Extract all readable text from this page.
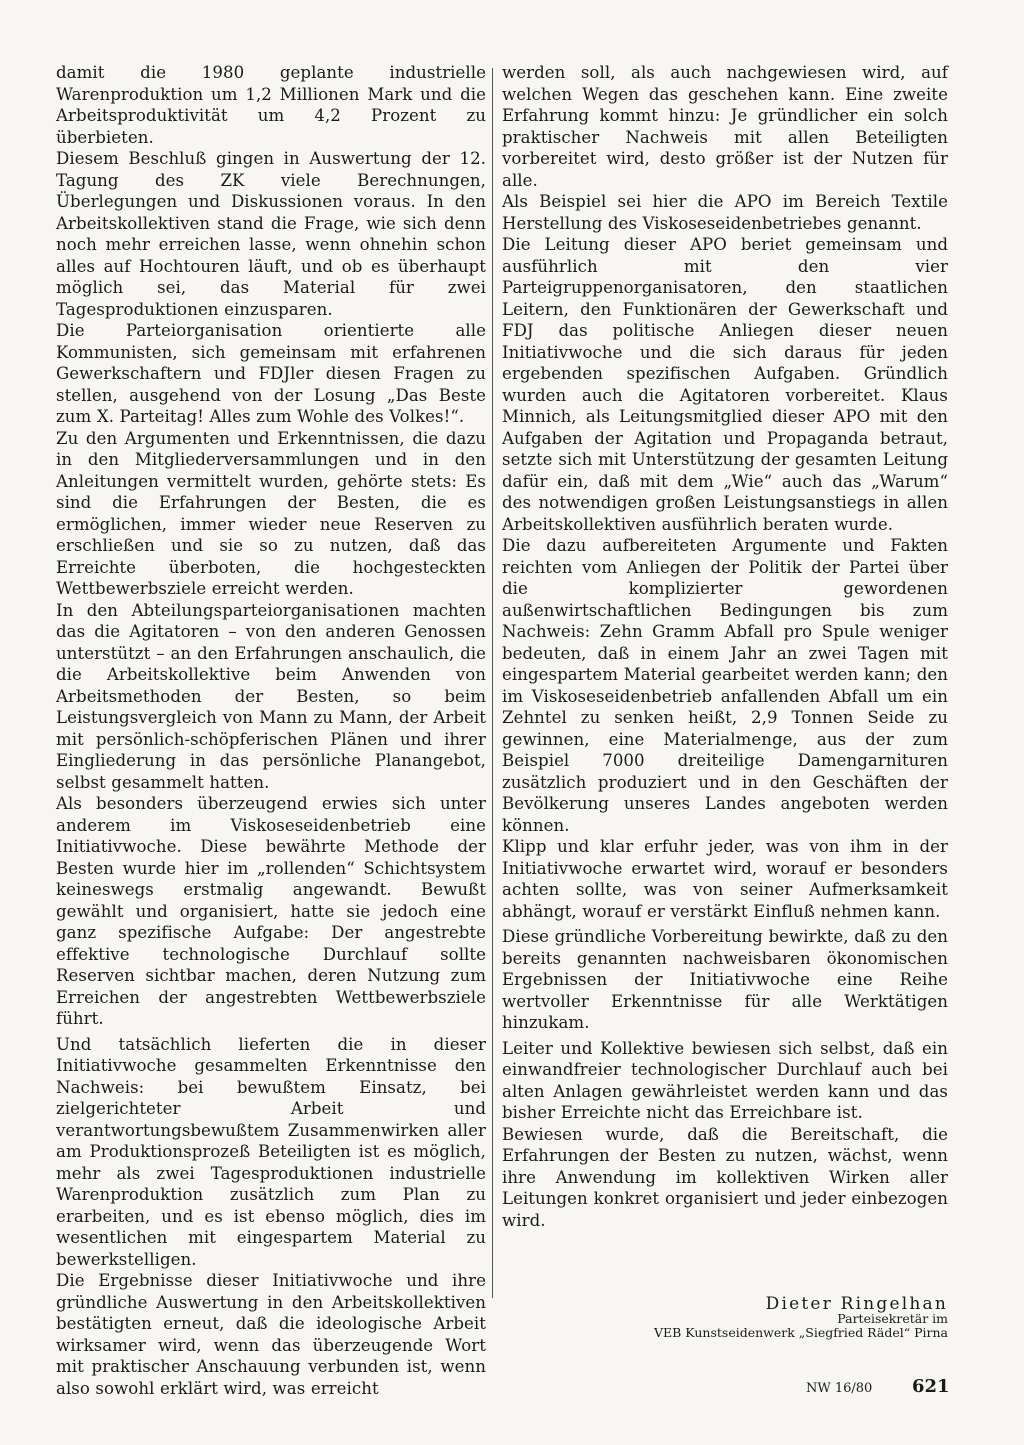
damit die 1980 geplante industrielle Warenproduktion um 1,2 Millionen Mark und die Arbeitsproduktivität um 4,2 Prozent zu überbieten.

Diesem Beschluß gingen in Auswertung der 12. Tagung des ZK viele Berechnungen, Überlegungen und Diskussionen voraus. In den Arbeitskollektiven stand die Frage, wie sich denn noch mehr erreichen lasse, wenn ohnehin schon alles auf Hochtouren läuft, und ob es überhaupt möglich sei, das Material für zwei Tagesproduktionen einzusparen.

Die Parteiorganisation orientierte alle Kommunisten, sich gemeinsam mit erfahrenen Gewerkschaftern und FDJler diesen Fragen zu stellen, ausgehend von der Losung „Das Beste zum X. Parteitag! Alles zum Wohle des Volkes!“.

Zu den Argumenten und Erkenntnissen, die dazu in den Mitgliederversammlungen und in den Anleitungen vermittelt wurden, gehörte stets: Es sind die Erfahrungen der Besten, die es ermöglichen, immer wieder neue Reserven zu erschließen und sie so zu nutzen, daß das Erreichte überboten, die hochgesteckten Wettbewerbsziele erreicht werden.

In den Abteilungsparteiorganisationen machten das die Agitatoren – von den anderen Genossen unterstützt – an den Erfahrungen anschaulich, die die Arbeitskollektive beim Anwenden von Arbeitsmethoden der Besten, so beim Leistungsvergleich von Mann zu Mann, der Arbeit mit persönlich-schöpferischen Plänen und ihrer Eingliederung in das persönliche Planangebot, selbst gesammelt hatten.

Als besonders überzeugend erwies sich unter anderem im Viskoseseidenbetrieb eine Initiativwoche. Diese bewährte Methode der Besten wurde hier im „rollenden“ Schichtsystem keineswegs erstmalig angewandt. Bewußt gewählt und organisiert, hatte sie jedoch eine ganz spezifische Aufgabe: Der angestrebte effektive technologische Durchlauf sollte Reserven sichtbar machen, deren Nutzung zum Erreichen der angestrebten Wettbewerbsziele führt.

Und tatsächlich lieferten die in dieser Initiativwoche gesammelten Erkenntnisse den Nachweis: bei bewußtem Einsatz, bei zielgerichteter Arbeit und verantwortungsbewußtem Zusammenwirken aller am Produktionsprozeß Beteiligten ist es möglich, mehr als zwei Tagesproduktionen industrielle Warenproduktion zusätzlich zum Plan zu erarbeiten, und es ist ebenso möglich, dies im wesentlichen mit eingespartem Material zu bewerkstelligen.

Die Ergebnisse dieser Initiativwoche und ihre gründliche Auswertung in den Arbeitskollektiven bestätigten erneut, daß die ideologische Arbeit wirksamer wird, wenn das überzeugende Wort mit praktischer Anschauung verbunden ist, wenn also sowohl erklärt wird, was erreicht

werden soll, als auch nachgewiesen wird, auf welchen Wegen das geschehen kann. Eine zweite Erfahrung kommt hinzu: Je gründlicher ein solch praktischer Nachweis mit allen Beteiligten vorbereitet wird, desto größer ist der Nutzen für alle.

Als Beispiel sei hier die APO im Bereich Textile Herstellung des Viskoseseidenbetriebes genannt.

Die Leitung dieser APO beriet gemeinsam und ausführlich mit den vier Parteigruppenorganisatoren, den staatlichen Leitern, den Funktionären der Gewerkschaft und FDJ das politische Anliegen dieser neuen Initiativwoche und die sich daraus für jeden ergebenden spezifischen Aufgaben. Gründlich wurden auch die Agitatoren vorbereitet. Klaus Minnich, als Leitungsmitglied dieser APO mit den Aufgaben der Agitation und Propaganda betraut, setzte sich mit Unterstützung der gesamten Leitung dafür ein, daß mit dem „Wie“ auch das „Warum“ des notwendigen großen Leistungsanstiegs in allen Arbeitskollektiven ausführlich beraten wurde.

Die dazu aufbereiteten Argumente und Fakten reichten vom Anliegen der Politik der Partei über die komplizierter gewordenen außenwirtschaftlichen Bedingungen bis zum Nachweis: Zehn Gramm Abfall pro Spule weniger bedeuten, daß in einem Jahr an zwei Tagen mit eingespartem Material gearbeitet werden kann; den im Viskoseseidenbetrieb anfallenden Abfall um ein Zehntel zu senken heißt, 2,9 Tonnen Seide zu gewinnen, eine Materialmenge, aus der zum Beispiel 7000 dreiteilige Damengarnituren zusätzlich produziert und in den Geschäften der Bevölkerung unseres Landes angeboten werden können.

Klipp und klar erfuhr jeder, was von ihm in der Initiativwoche erwartet wird, worauf er besonders achten sollte, was von seiner Aufmerksamkeit abhängt, worauf er verstärkt Einfluß nehmen kann.

Diese gründliche Vorbereitung bewirkte, daß zu den bereits genannten nachweisbaren ökonomischen Ergebnissen der Initiativwoche eine Reihe wertvoller Erkenntnisse für alle Werktätigen hinzukam.

Leiter und Kollektive bewiesen sich selbst, daß ein einwandfreier technologischer Durchlauf auch bei alten Anlagen gewährleistet werden kann und das bisher Erreichte nicht das Erreichbare ist.

Bewiesen wurde, daß die Bereitschaft, die Erfahrungen der Besten zu nutzen, wächst, wenn ihre Anwendung im kollektiven Wirken aller Leitungen konkret organisiert und jeder einbezogen wird.

Dieter Ringelhan
Parteisekretär im
VEB Kunstseidenwerk „Siegfried Rädel“ Pirna
NW 16/80 621
